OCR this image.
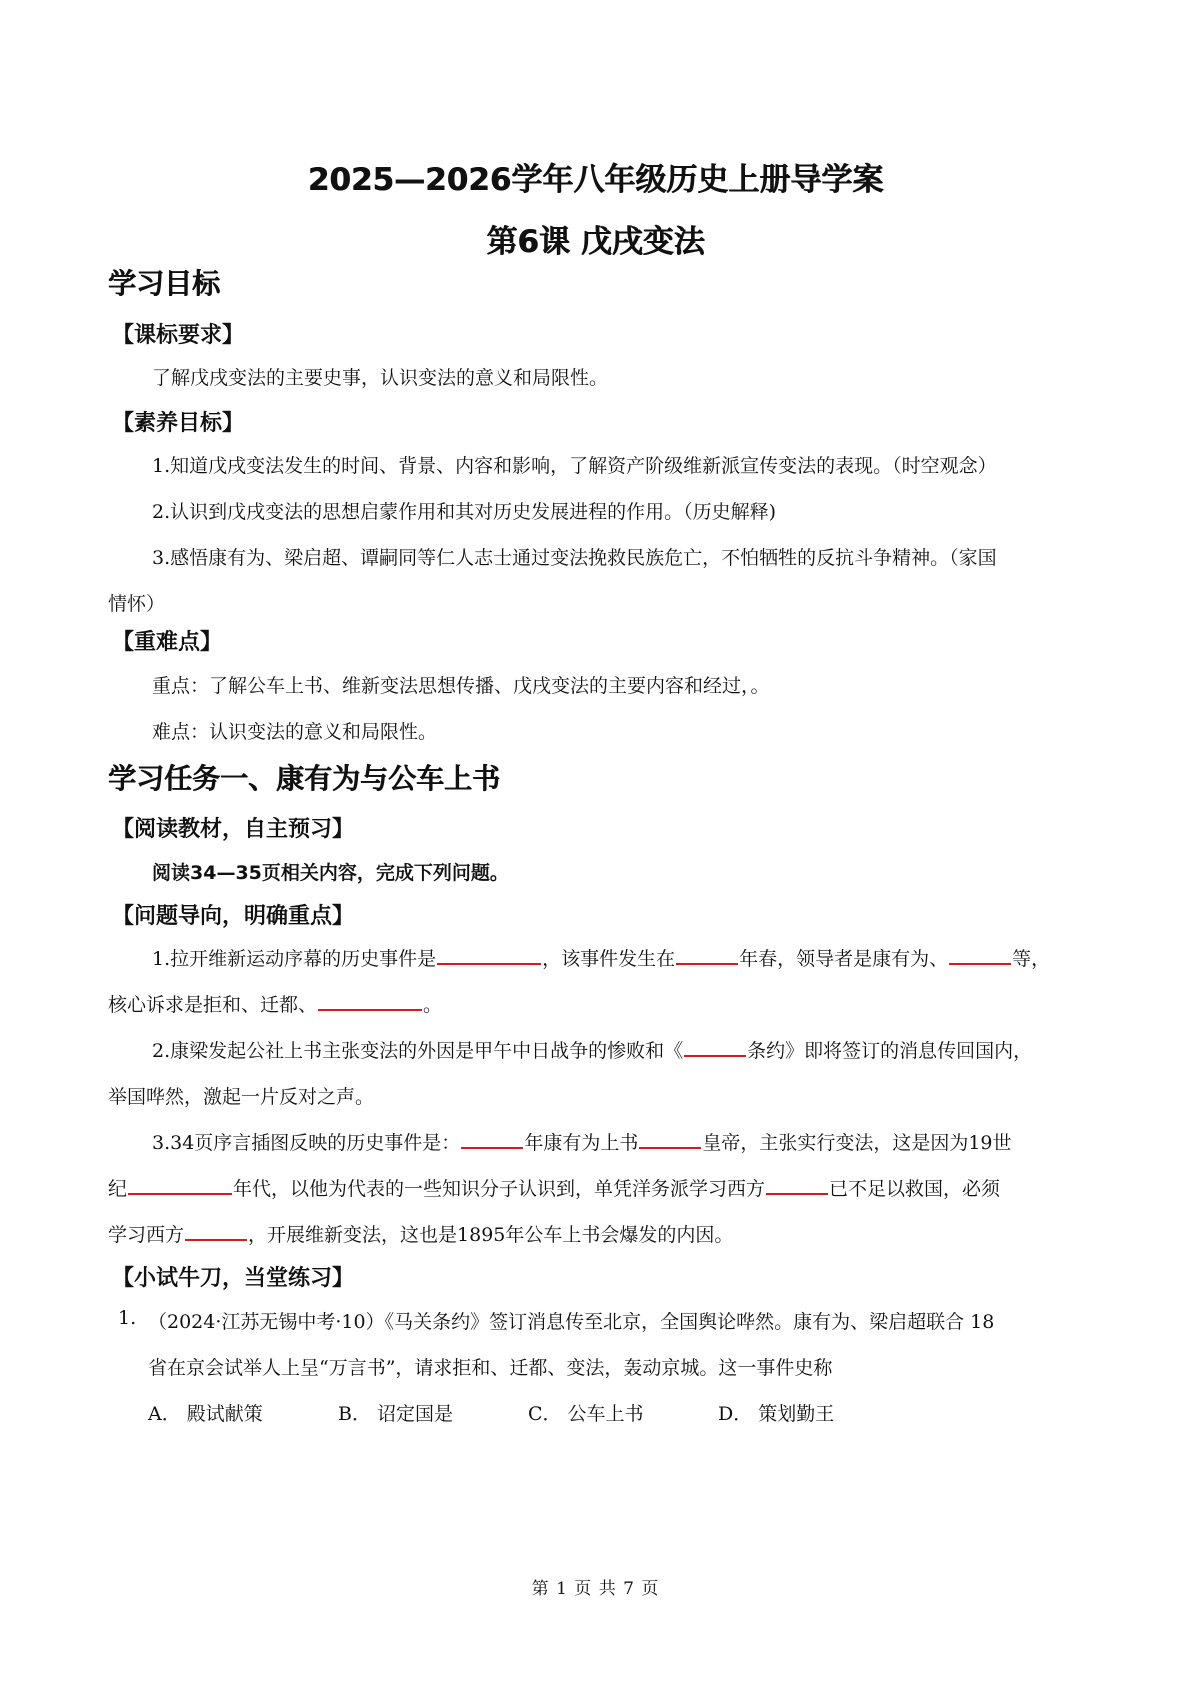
2025—2026学年八年级历史上册导学案
第6课 戊戌变法
学习目标
【课标要求】
了解戊戌变法的主要史事，认识变法的意义和局限性。
【素养目标】
1.知道戊戌变法发生的时间、背景、内容和影响，了解资产阶级维新派宣传变法的表现。（时空观念）
2.认识到戊戌变法的思想启蒙作用和其对历史发展进程的作用。（历史解释)
3.感悟康有为、梁启超、谭嗣同等仁人志士通过变法挽救民族危亡，不怕牺牲的反抗斗争精神。（家国
情怀）
【重难点】
重点：了解公车上书、维新变法思想传播、戊戌变法的主要内容和经过，。
难点：认识变法的意义和局限性。
学习任务一、康有为与公车上书
【阅读教材，自主预习】
阅读34—35页相关内容，完成下列问题。
【问题导向，明确重点】
1.拉开维新运动序幕的历史事件是	，该事件发生在	年春，领导者是康有为、	等，
核心诉求是拒和、迁都、	。
2.康梁发起公社上书主张变法的外因是甲午中日战争的惨败和《	条约》即将签订的消息传回国内，
举国哗然，激起一片反对之声。
3.34页序言插图反映的历史事件是：	年康有为上书	皇帝，主张实行变法，这是因为19世
纪	年代，以他为代表的一些知识分子认识到，单凭洋务派学习西方	已不足以救国，必须
学习西方	，开展维新变法，这也是1895年公车上书会爆发的内因。
【小试牛刀，当堂练习】
1. （2024·江苏无锡中考·10）《马关条约》签订消息传至北京，全国舆论哗然。康有为、梁启超联合 18
省在京会试举人上呈“万言书”，请求拒和、迁都、变法，轰动京城。这一事件史称
A． 殿试献策	B． 诏定国是	C． 公车上书	D． 策划勤王
第 1 页 共 7 页
